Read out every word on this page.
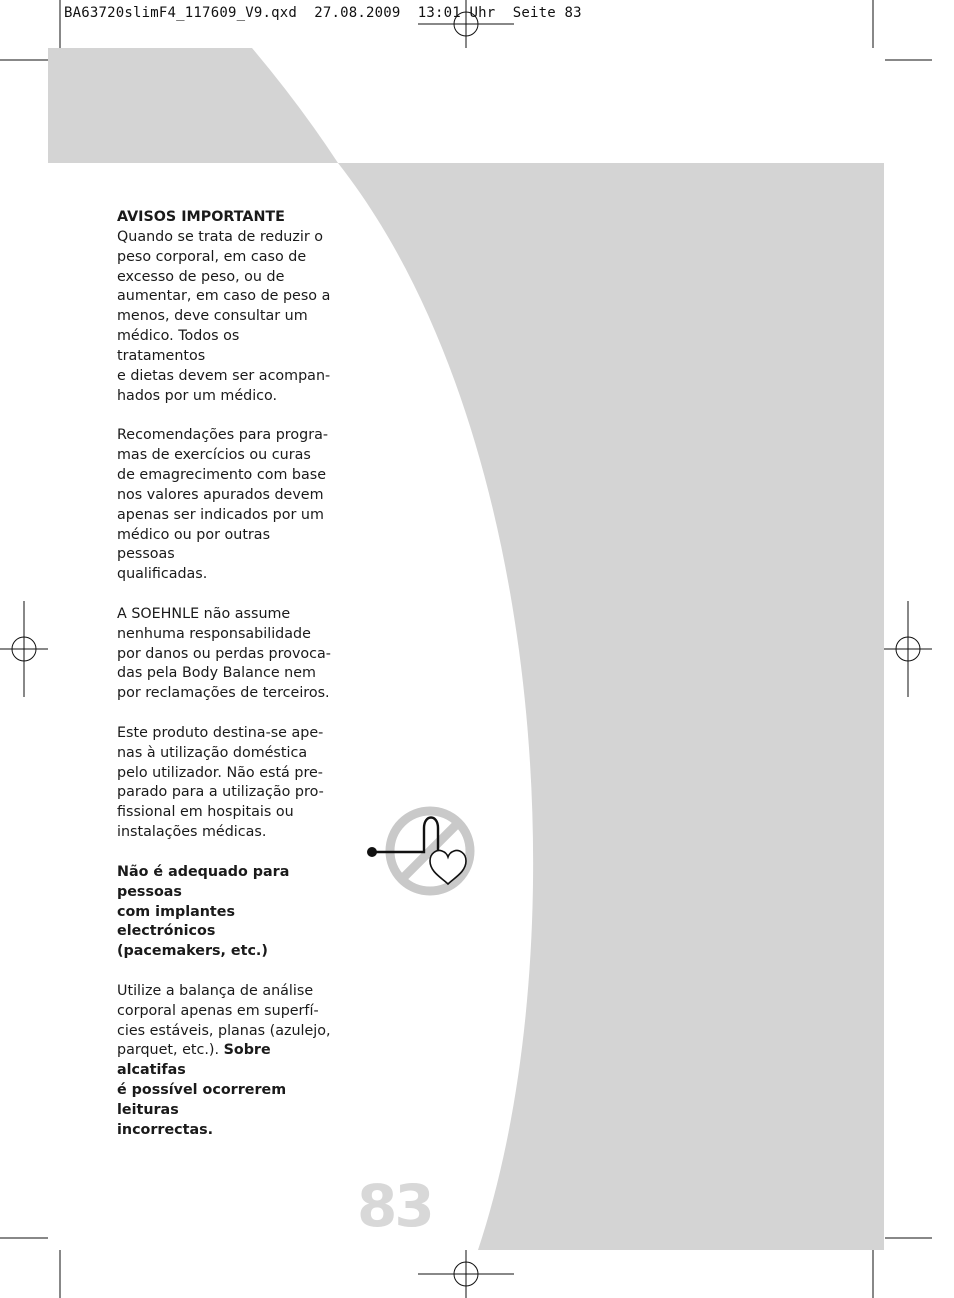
BA63720slimF4_117609_V9.qxd  27.08.2009  13:01 Uhr  Seite 83

AVISOS IMPORTANTE
Quando se trata de reduzir o
peso corporal, em caso de
excesso de peso, ou de
aumentar, em caso de peso a
menos, deve consultar um
médico. Todos os tratamentos
e dietas devem ser acompan-
hados por um médico.

Recomendações para progra-
mas de exercícios ou curas
de emagrecimento com base
nos valores apurados devem
apenas ser indicados por um
médico ou por outras pessoas
qualificadas.

A SOEHNLE não assume
nenhuma responsabilidade
por danos ou perdas provoca-
das pela Body Balance nem
por reclamações de terceiros.

Este produto destina-se ape-
nas à utilização doméstica
pelo utilizador. Não está pre-
parado para a utilização pro-
fissional em hospitais ou
instalações médicas.

Não é adequado para pessoas
com implantes electrónicos
(pacemakers, etc.)

Utilize a balança de análise
corporal apenas em superfí-
cies estáveis, planas (azulejo,
parquet, etc.). Sobre alcatifas
é possível ocorrerem leituras
incorrectas.

83
